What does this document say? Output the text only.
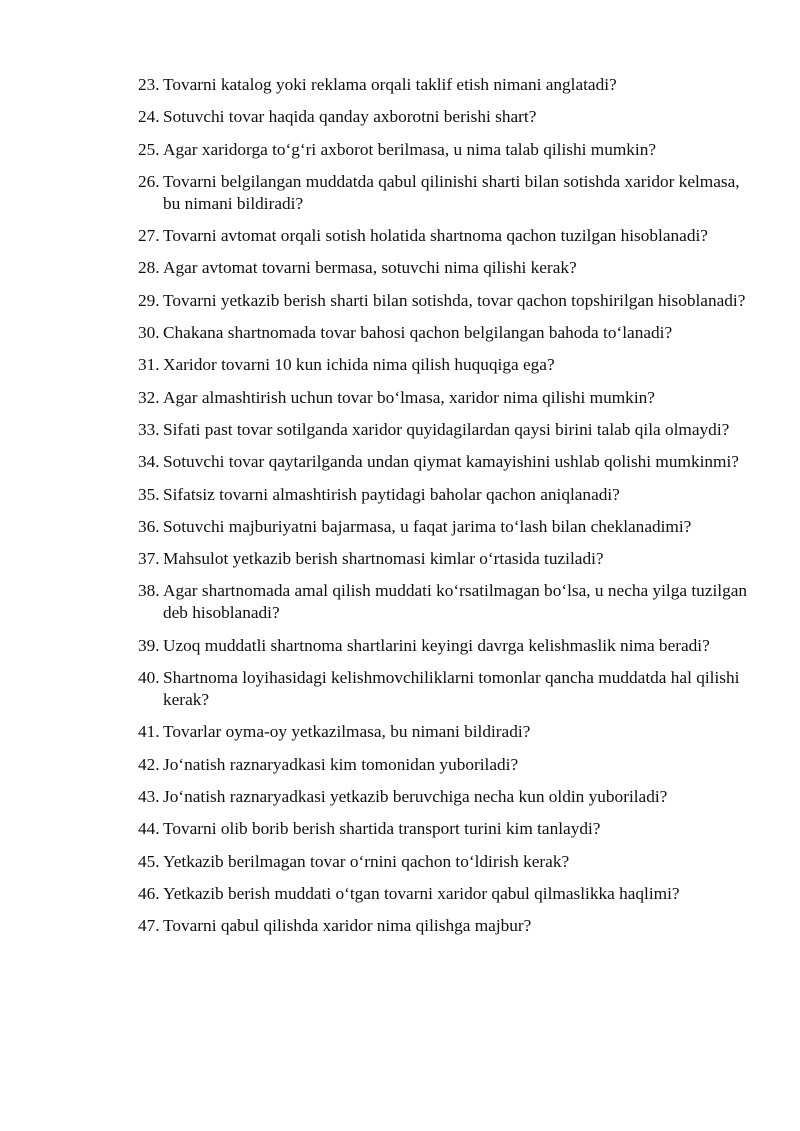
23. Tovarni katalog yoki reklama orqali taklif etish nimani anglatadi?
24. Sotuvchi tovar haqida qanday axborotni berishi shart?
25. Agar xaridorga to‘g‘ri axborot berilmasa, u nima talab qilishi mumkin?
26. Tovarni belgilangan muddatda qabul qilinishi sharti bilan sotishda xaridor kelmasa, bu nimani bildiradi?
27. Tovarni avtomat orqali sotish holatida shartnoma qachon tuzilgan hisoblanadi?
28. Agar avtomat tovarni bermasa, sotuvchi nima qilishi kerak?
29. Tovarni yetkazib berish sharti bilan sotishda, tovar qachon topshirilgan hisoblanadi?
30. Chakana shartnomada tovar bahosi qachon belgilangan bahoda to‘lanadi?
31. Xaridor tovarni 10 kun ichida nima qilish huquqiga ega?
32. Agar almashtirish uchun tovar bo‘lmasa, xaridor nima qilishi mumkin?
33. Sifati past tovar sotilganda xaridor quyidagilardan qaysi birini talab qila olmaydi?
34. Sotuvchi tovar qaytarilganda undan qiymat kamayishini ushlab qolishi mumkinmi?
35. Sifatsiz tovarni almashtirish paytidagi baholar qachon aniqlanadi?
36. Sotuvchi majburiyatni bajarmasa, u faqat jarima to‘lash bilan cheklanadimi?
37. Mahsulot yetkazib berish shartnomasi kimlar o‘rtasida tuziladi?
38. Agar shartnomada amal qilish muddati ko‘rsatilmagan bo‘lsa, u necha yilga tuzilgan deb hisoblanadi?
39. Uzoq muddatli shartnoma shartlarini keyingi davrga kelishmaslik nima beradi?
40. Shartnoma loyihasidagi kelishmovchiliklarni tomonlar qancha muddatda hal qilishi kerak?
41. Tovarlar oyma-oy yetkazilmasa, bu nimani bildiradi?
42. Jo‘natish raznaryadkasi kim tomonidan yuboriladi?
43. Jo‘natish raznaryadkasi yetkazib beruvchiga necha kun oldin yuboriladi?
44. Tovarni olib borib berish shartida transport turini kim tanlaydi?
45. Yetkazib berilmagan tovar o‘rnini qachon to‘ldirish kerak?
46. Yetkazib berish muddati o‘tgan tovarni xaridor qabul qilmaslikka haqlimi?
47. Tovarni qabul qilishda xaridor nima qilishga majbur?
